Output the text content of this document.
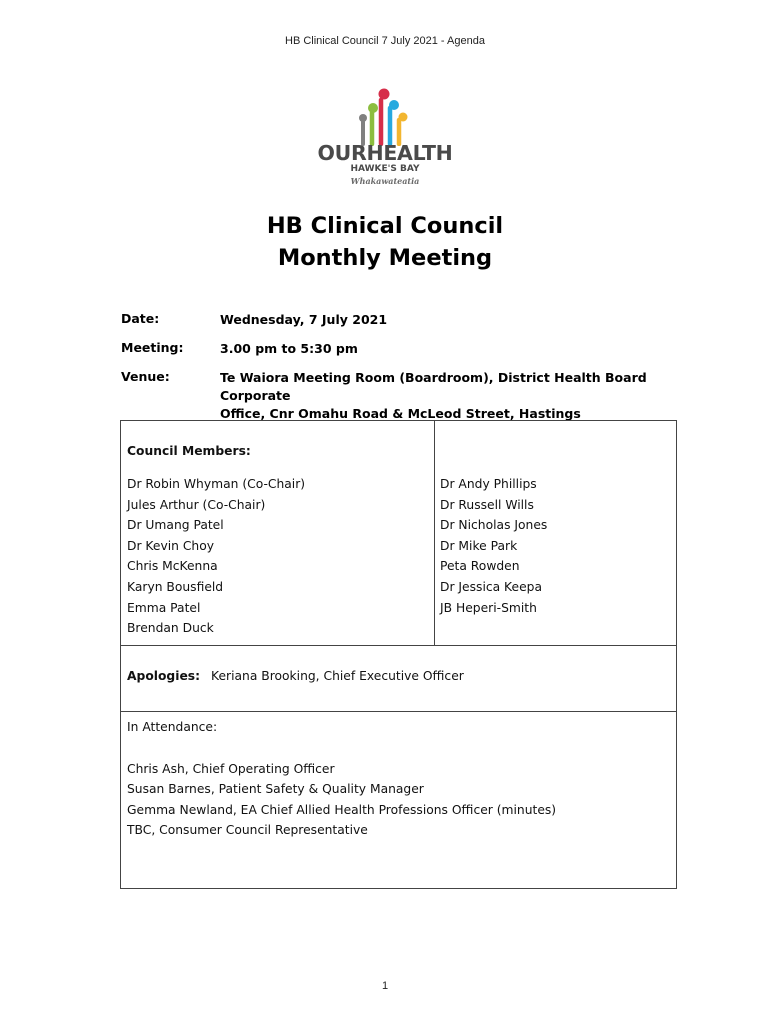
HB Clinical Council 7 July 2021 - Agenda
OURHEALTH
HAWKE'S BAY
Whakawateatia
HB Clinical Council
Monthly Meeting
Date:	Wednesday, 7 July 2021
Meeting:	3.00 pm to 5:30 pm
Venue:	Te Waiora Meeting Room (Boardroom), District Health Board Corporate
Office, Cnr Omahu Road & McLeod Street, Hastings
Council Members:
Dr Robin Whyman (Co-Chair)
Jules Arthur (Co-Chair)
Dr Umang Patel
Dr Kevin Choy
Chris McKenna
Karyn Bousfield
Emma Patel
Brendan Duck
Dr Andy Phillips
Dr Russell Wills
Dr Nicholas Jones
Dr Mike Park
Peta Rowden
Dr Jessica Keepa
JB Heperi-Smith
Apologies: Keriana Brooking, Chief Executive Officer
In Attendance:
Chris Ash, Chief Operating Officer
Susan Barnes, Patient Safety & Quality Manager
Gemma Newland, EA Chief Allied Health Professions Officer (minutes)
TBC, Consumer Council Representative
1
